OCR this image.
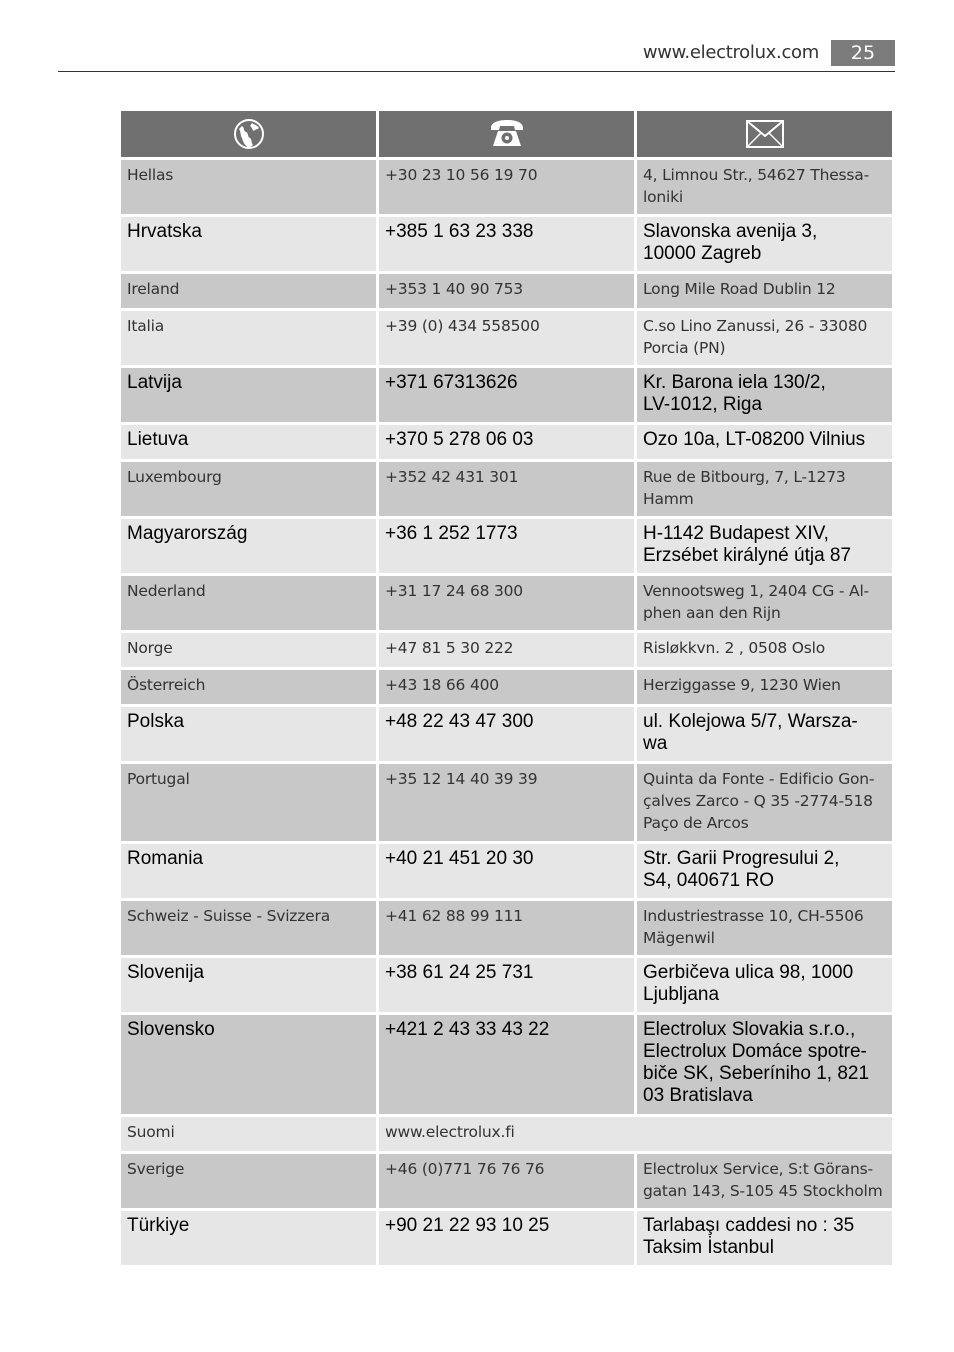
www.electrolux.com	25

Hellas	+30 23 10 56 19 70	4, Limnou Str., 54627 Thessa-
loniki
Hrvatska	+385 1 63 23 338	Slavonska avenija 3,
10000 Zagreb
Ireland	+353 1 40 90 753	Long Mile Road Dublin 12
Italia	+39 (0) 434 558500	C.so Lino Zanussi, 26 - 33080
Porcia (PN)
Latvija	+371 67313626	Kr. Barona iela 130/2,
LV-1012, Riga
Lietuva	+370 5 278 06 03	Ozo 10a, LT-08200 Vilnius
Luxembourg	+352 42 431 301	Rue de Bitbourg, 7, L-1273
Hamm
Magyarország	+36 1 252 1773	H-1142 Budapest XIV,
Erzsébet királyné útja 87
Nederland	+31 17 24 68 300	Vennootsweg 1, 2404 CG - Al-
phen aan den Rijn
Norge	+47 81 5 30 222	Risløkkvn. 2 , 0508 Oslo
Österreich	+43 18 66 400	Herziggasse 9, 1230 Wien
Polska	+48 22 43 47 300	ul. Kolejowa 5/7, Warsza-
wa
Portugal	+35 12 14 40 39 39	Quinta da Fonte - Edificio Gon-
çalves Zarco - Q 35 -2774-518
Paço de Arcos
Romania	+40 21 451 20 30	Str. Garii Progresului 2,
S4, 040671 RO
Schweiz - Suisse - Svizzera	+41 62 88 99 111	Industriestrasse 10, CH-5506
Mägenwil
Slovenija	+38 61 24 25 731	Gerbičeva ulica 98, 1000
Ljubljana
Slovensko	+421 2 43 33 43 22	Electrolux Slovakia s.r.o.,
Electrolux Domáce spotre-
biče SK, Seberíniho 1, 821
03 Bratislava
Suomi	www.electrolux.fi	
Sverige	+46 (0)771 76 76 76	Electrolux Service, S:t Görans-
gatan 143, S-105 45 Stockholm
Türkiye	+90 21 22 93 10 25	Tarlabaşı caddesi no : 35
Taksim İstanbul
